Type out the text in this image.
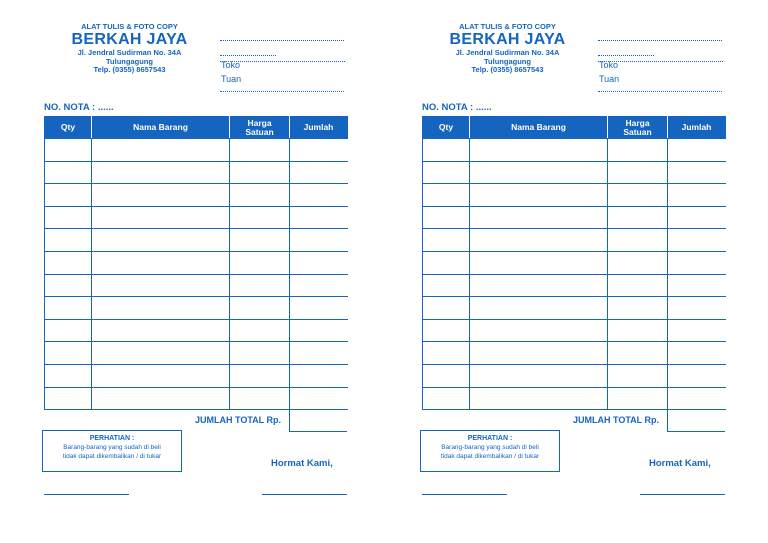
ALAT TULIS & FOTO COPY
BERKAH JAYA
Jl. Jendral Sudirman No. 34A
Tulungagung
Telp. (0355) 8657543	Toko
Tuan
NO. NOTA : ......
Qty	Nama Barang	Harga Satuan	Jumlah

JUMLAH TOTAL Rp.
PERHATIAN :
Barang-barang yang sudah di beli
tidak dapat dikembalikan / di tukar
Hormat Kami,
ALAT TULIS & FOTO COPY
BERKAH JAYA
Jl. Jendral Sudirman No. 34A
Tulungagung
Telp. (0355) 8657543	Toko
Tuan
NO. NOTA : ......
Qty	Nama Barang	Harga Satuan	Jumlah

JUMLAH TOTAL Rp.
PERHATIAN :
Barang-barang yang sudah di beli
tidak dapat dikembalikan / di tukar
Hormat Kami,
